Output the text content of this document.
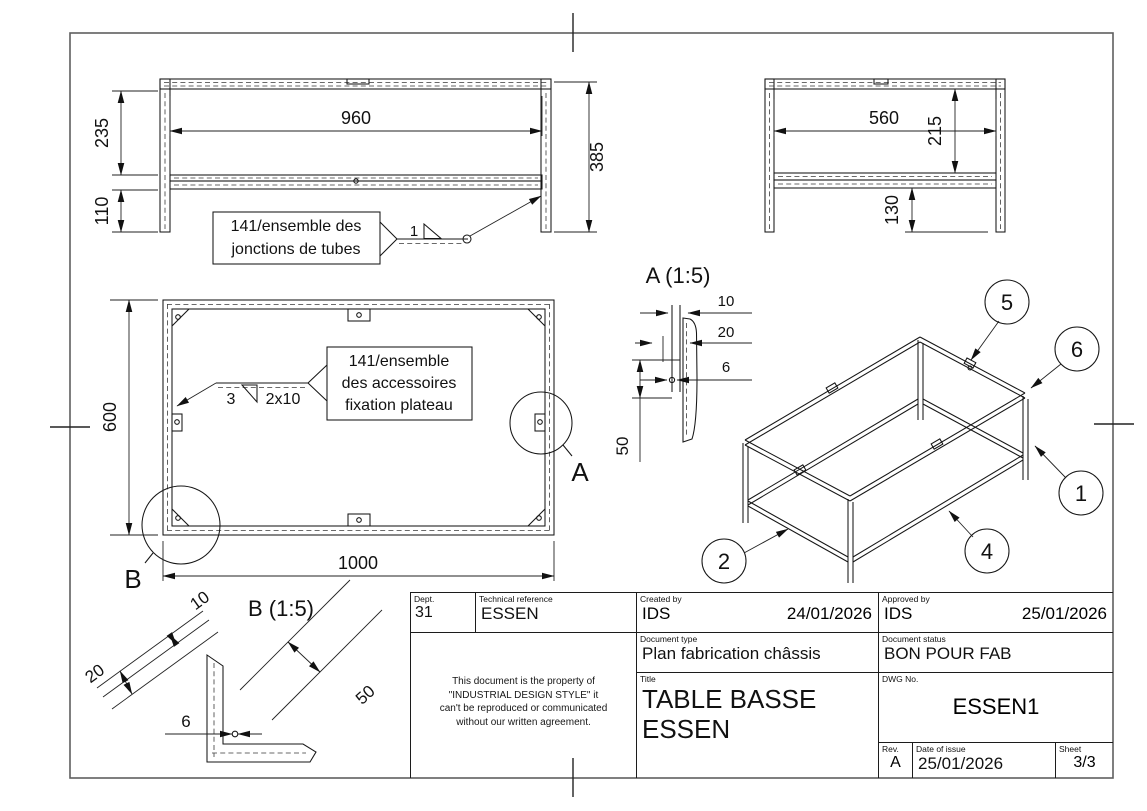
235
110
960
385
141/ensemble des
jonctions de tubes
1
560 215
130
A
B
600
1000
141/ensemble
des accessoires
fixation plateau
3 2x10
A (1:5)
10
20
6
50
B (1:5)
10
20
6
50
5
6
1
4
2
Dept.
31
Technical reference
ESSEN
Created by
IDS	24/01/2026
Approved by
IDS	25/01/2026
This document is the property of
"INDUSTRIAL DESIGN STYLE" it
can't be reproduced or communicated
without our written agreement.
Document type
Plan fabrication châssis
Document status
BON POUR FAB
Title
TABLE BASSE
ESSEN
DWG No.
ESSEN1
Rev.
A
Date of issue
25/01/2026
Sheet
3/3
